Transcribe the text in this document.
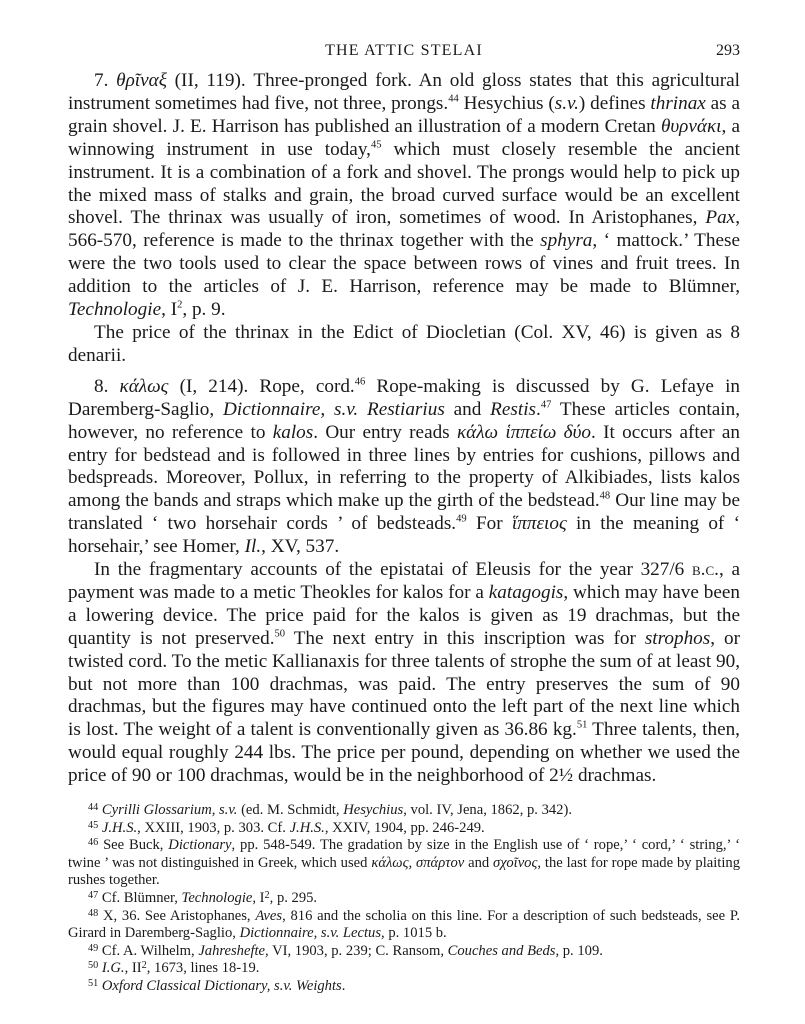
THE ATTIC STELAI	293

7. θρῖναξ (II, 119). Three-pronged fork. An old gloss states that this agricultural instrument sometimes had five, not three, prongs.$^{44}$ Hesychius (s.v.) defines thrinax as a grain shovel. J. E. Harrison has published an illustration of a modern Cretan θυρνάκι, a winnowing instrument in use today,$^{45}$ which must closely resemble the ancient instrument. It is a combination of a fork and shovel. The prongs would help to pick up the mixed mass of stalks and grain, the broad curved surface would be an excellent shovel. The thrinax was usually of iron, sometimes of wood. In Aristophanes, Pax, 566-570, reference is made to the thrinax together with the sphyra, ‘ mattock.’ These were the two tools used to clear the space between rows of vines and fruit trees. In addition to the articles of J. E. Harrison, reference may be made to Blümner, Technologie, $I^2$, p. 9.

The price of the thrinax in the Edict of Diocletian (Col. XV, 46) is given as 8 denarii.

8. κάλως (I, 214). Rope, cord.$^{46}$ Rope-making is discussed by G. Lefaye in Daremberg-Saglio, Dictionnaire, s.v. Restiarius and Restis.$^{47}$ These articles contain, however, no reference to kalos. Our entry reads κάλω ἱππείω δύο. It occurs after an entry for bedstead and is followed in three lines by entries for cushions, pillows and bedspreads. Moreover, Pollux, in referring to the property of Alkibiades, lists kalos among the bands and straps which make up the girth of the bedstead.$^{48}$ Our line may be translated ‘ two horsehair cords ’ of bedsteads.$^{49}$ For ἵππειος in the meaning of ‘ horsehair,’ see Homer, Il., XV, 537.

In the fragmentary accounts of the epistatai of Eleusis for the year 327/6 b.c., a payment was made to a metic Theokles for kalos for a katagogis, which may have been a lowering device. The price paid for the kalos is given as 19 drachmas, but the quantity is not preserved.$^{50}$ The next entry in this inscription was for strophos, or twisted cord. To the metic Kallianaxis for three talents of strophe the sum of at least 90, but not more than 100 drachmas, was paid. The entry preserves the sum of 90 drachmas, but the figures may have continued onto the left part of the next line which is lost. The weight of a talent is conventionally given as 36.86 kg.$^{51}$ Three talents, then, would equal roughly 244 lbs. The price per pound, depending on whether we used the price of 90 or 100 drachmas, would be in the neighborhood of 2½ drachmas.

$^{44}$ Cyrilli Glossarium, s.v. (ed. M. Schmidt, Hesychius, vol. IV, Jena, 1862, p. 342).

$^{45}$ J.H.S., XXIII, 1903, p. 303. Cf. J.H.S., XXIV, 1904, pp. 246-249.

$^{46}$ See Buck, Dictionary, pp. 548-549. The gradation by size in the English use of ‘ rope,’ ‘ cord,’ ‘ string,’ ‘ twine ’ was not distinguished in Greek, which used κάλως, σπάρτον and σχοῖνος, the last for rope made by plaiting rushes together.

$^{47}$ Cf. Blümner, Technologie, $I^2$, p. 295.

$^{48}$ X, 36. See Aristophanes, Aves, 816 and the scholia on this line. For a description of such bedsteads, see P. Girard in Daremberg-Saglio, Dictionnaire, s.v. Lectus, p. 1015 b.

$^{49}$ Cf. A. Wilhelm, Jahreshefte, VI, 1903, p. 239; C. Ransom, Couches and Beds, p. 109.

$^{50}$ I.G., $II^2$, 1673, lines 18-19.

$^{51}$ Oxford Classical Dictionary, s.v. Weights.
